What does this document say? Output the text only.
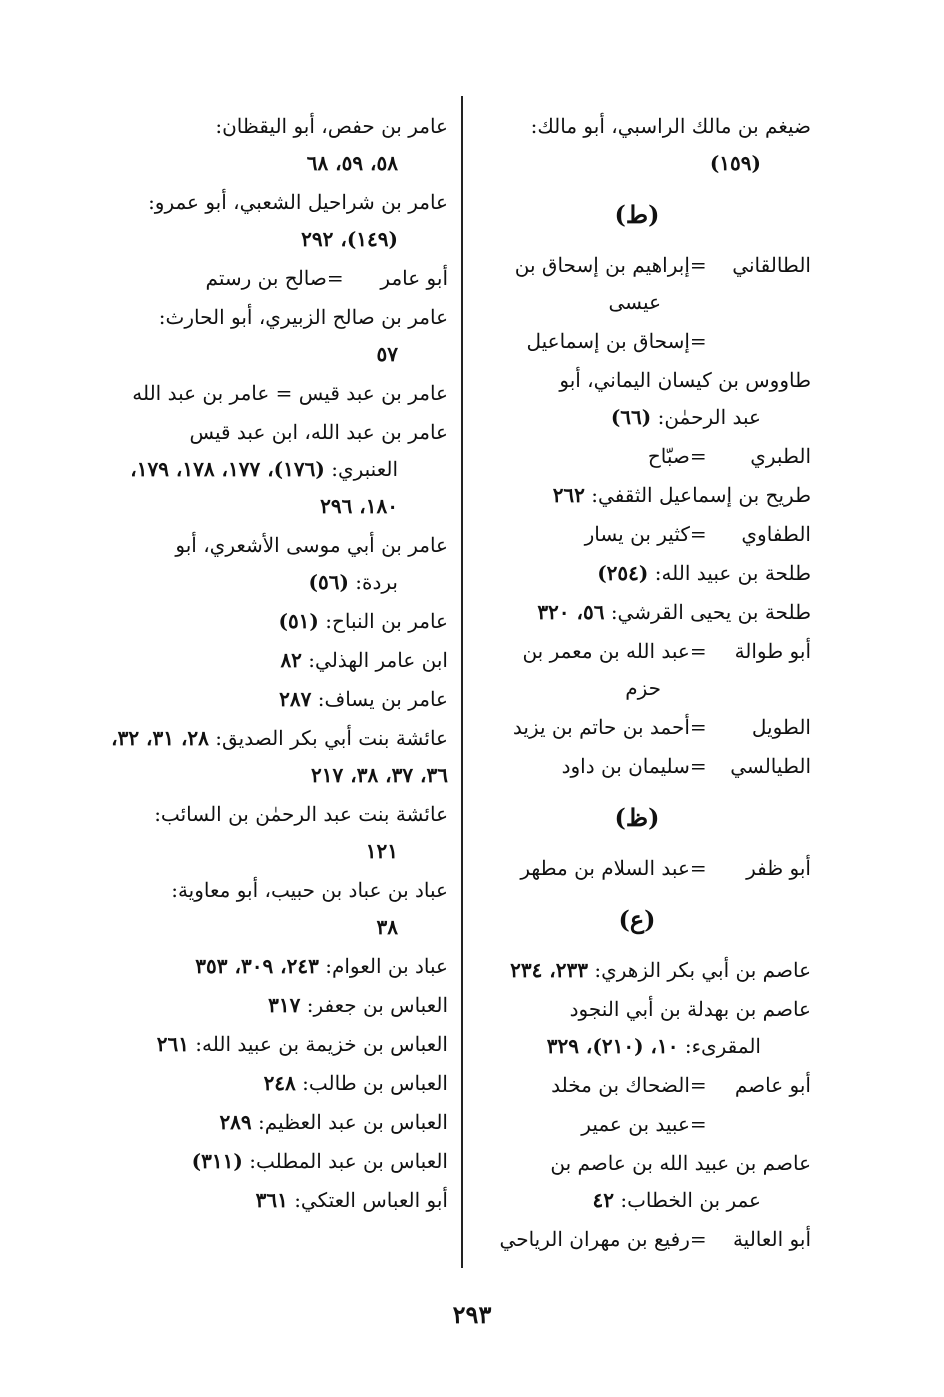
ضيغم بن مالك الراسبي، أبو مالك:
(١٥٩)
(ط)
الطالقاني =إبراهيم بن إسحاق بن
عيسى
=إسحاق بن إسماعيل
طاووس بن كيسان اليماني، أبو
عبد الرحمٰن: (٦٦)
الطبري =صبّاح
طريح بن إسماعيل الثقفي: ٢٦٢
الطفاوي =كثير بن يسار
طلحة بن عبيد الله: (٢٥٤)
طلحة بن يحيى القرشي: ٥٦، ٣٢٠
أبو طوالة =عبد الله بن معمر بن
حزم
الطويل =أحمد بن حاتم بن يزيد
الطيالسي =سليمان بن داود
(ظ)
أبو ظفر =عبد السلام بن مطهر
(ع)
عاصم بن أبي بكر الزهري: ٢٣٣، ٢٣٤
عاصم بن بهدلة بن أبي النجود
المقرىء: ١٠، (٢١٠)، ٣٢٩
أبو عاصم =الضحاك بن مخلد
=عبيد بن عمير
عاصم بن عبيد الله بن عاصم بن
عمر بن الخطاب: ٤٢
أبو العالية =رفيع بن مهران الرياحي
عامر بن حفص، أبو اليقظان:
٥٨، ٥٩، ٦٨
عامر بن شراحيل الشعبي، أبو عمرو:
(١٤٩)، ٢٩٢
أبو عامر =صالح بن رستم
عامر بن صالح الزبيري، أبو الحارث:
٥٧
عامر بن عبد قيس = عامر بن عبد الله
عامر بن عبد الله، ابن عبد قيس
العنبري: (١٧٦)، ١٧٧، ١٧٨، ١٧٩، ١٨٠، ٢٩٦
عامر بن أبي موسى الأشعري، أبو
بردة: (٥٦)
عامر بن النباح: (٥١)
ابن عامر الهذلي: ٨٢
عامر بن يساف: ٢٨٧
عائشة بنت أبي بكر الصديق: ٢٨، ٣١، ٣٢، ٣٦، ٣٧، ٣٨، ٢١٧
عائشة بنت عبد الرحمٰن بن السائب:
١٢١
عباد بن عباد بن حبيب، أبو معاوية:
٣٨
عباد بن العوام: ٢٤٣، ٣٠٩، ٣٥٣
العباس بن جعفر: ٣١٧
العباس بن خزيمة بن عبيد الله: ٢٦١
العباس بن طالب: ٢٤٨
العباس بن عبد العظيم: ٢٨٩
العباس بن عبد المطلب: (٣١١)
أبو العباس العتكي: ٣٦١
٢٩٣
